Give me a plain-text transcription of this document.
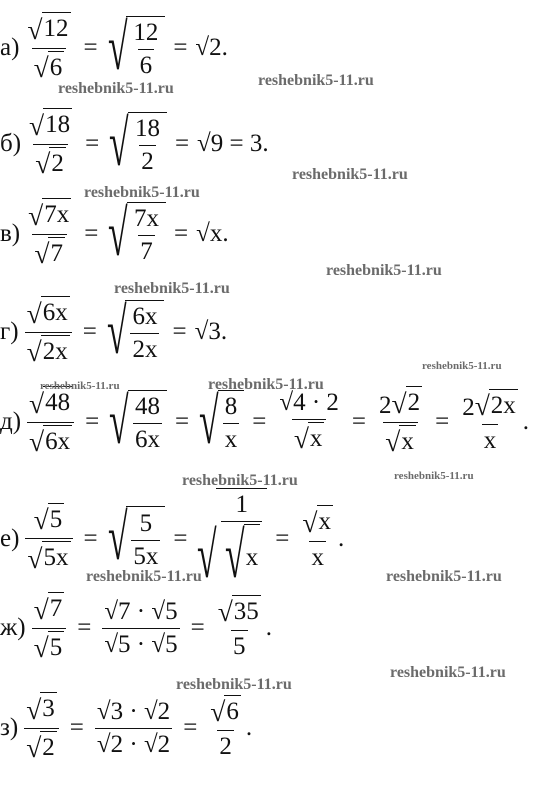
$а) \frac{√ 12}{√ 6}$ = √ $\frac{12}{6} = √2$.
$б) \frac{√ 18}{√ 2}$ = √ $\frac{18}{2} = √9 = 3$.
$в) \frac{√ 7x}{√ 7}$ = √ $\frac{7x}{7} = √x$.
$г) \frac{√ 6x}{√ 2x}$ = √ $\frac{6x}{2x} = √3$.
$д) \frac{√ 48}{√ 6x}$ = √ $\frac{48}{6x}$ = √ $\frac{8}{x} = \frac{√4 \cdot 2}{√ x} = \frac{2 √ 2}{√ x} = \frac{2 √ 2x}{x}$ .
$е) \frac{√ 5}{√ 5x}$ = √ $\frac{5}{5x}$ = √ $\frac{1}{√ x} = \frac{√ x}{x}$ .
$ж) \frac{√ 7}{√ 5} = \frac{√7 \cdot √5}{√5 \cdot √5} = \frac{√ 35}{5}$ .
$з) \frac{√ 3}{√ 2} = \frac{√3 \cdot √2}{√2 \cdot √2} = \frac{√ 6}{2}$ .
reshebnik5-11.ru
reshebnik5-11.ru
reshebnik5-11.ru
reshebnik5-11.ru
reshebnik5-11.ru
reshebnik5-11.ru
reshebnik5-11.ru
reshebnik5-11.ru	reshebnik5-11.ru
reshebnik5-11.ru
reshebnik5-11.ru
reshebnik5-11.ru	reshebnik5-11.ru
reshebnik5-11.ru
reshebnik5-11.ru
